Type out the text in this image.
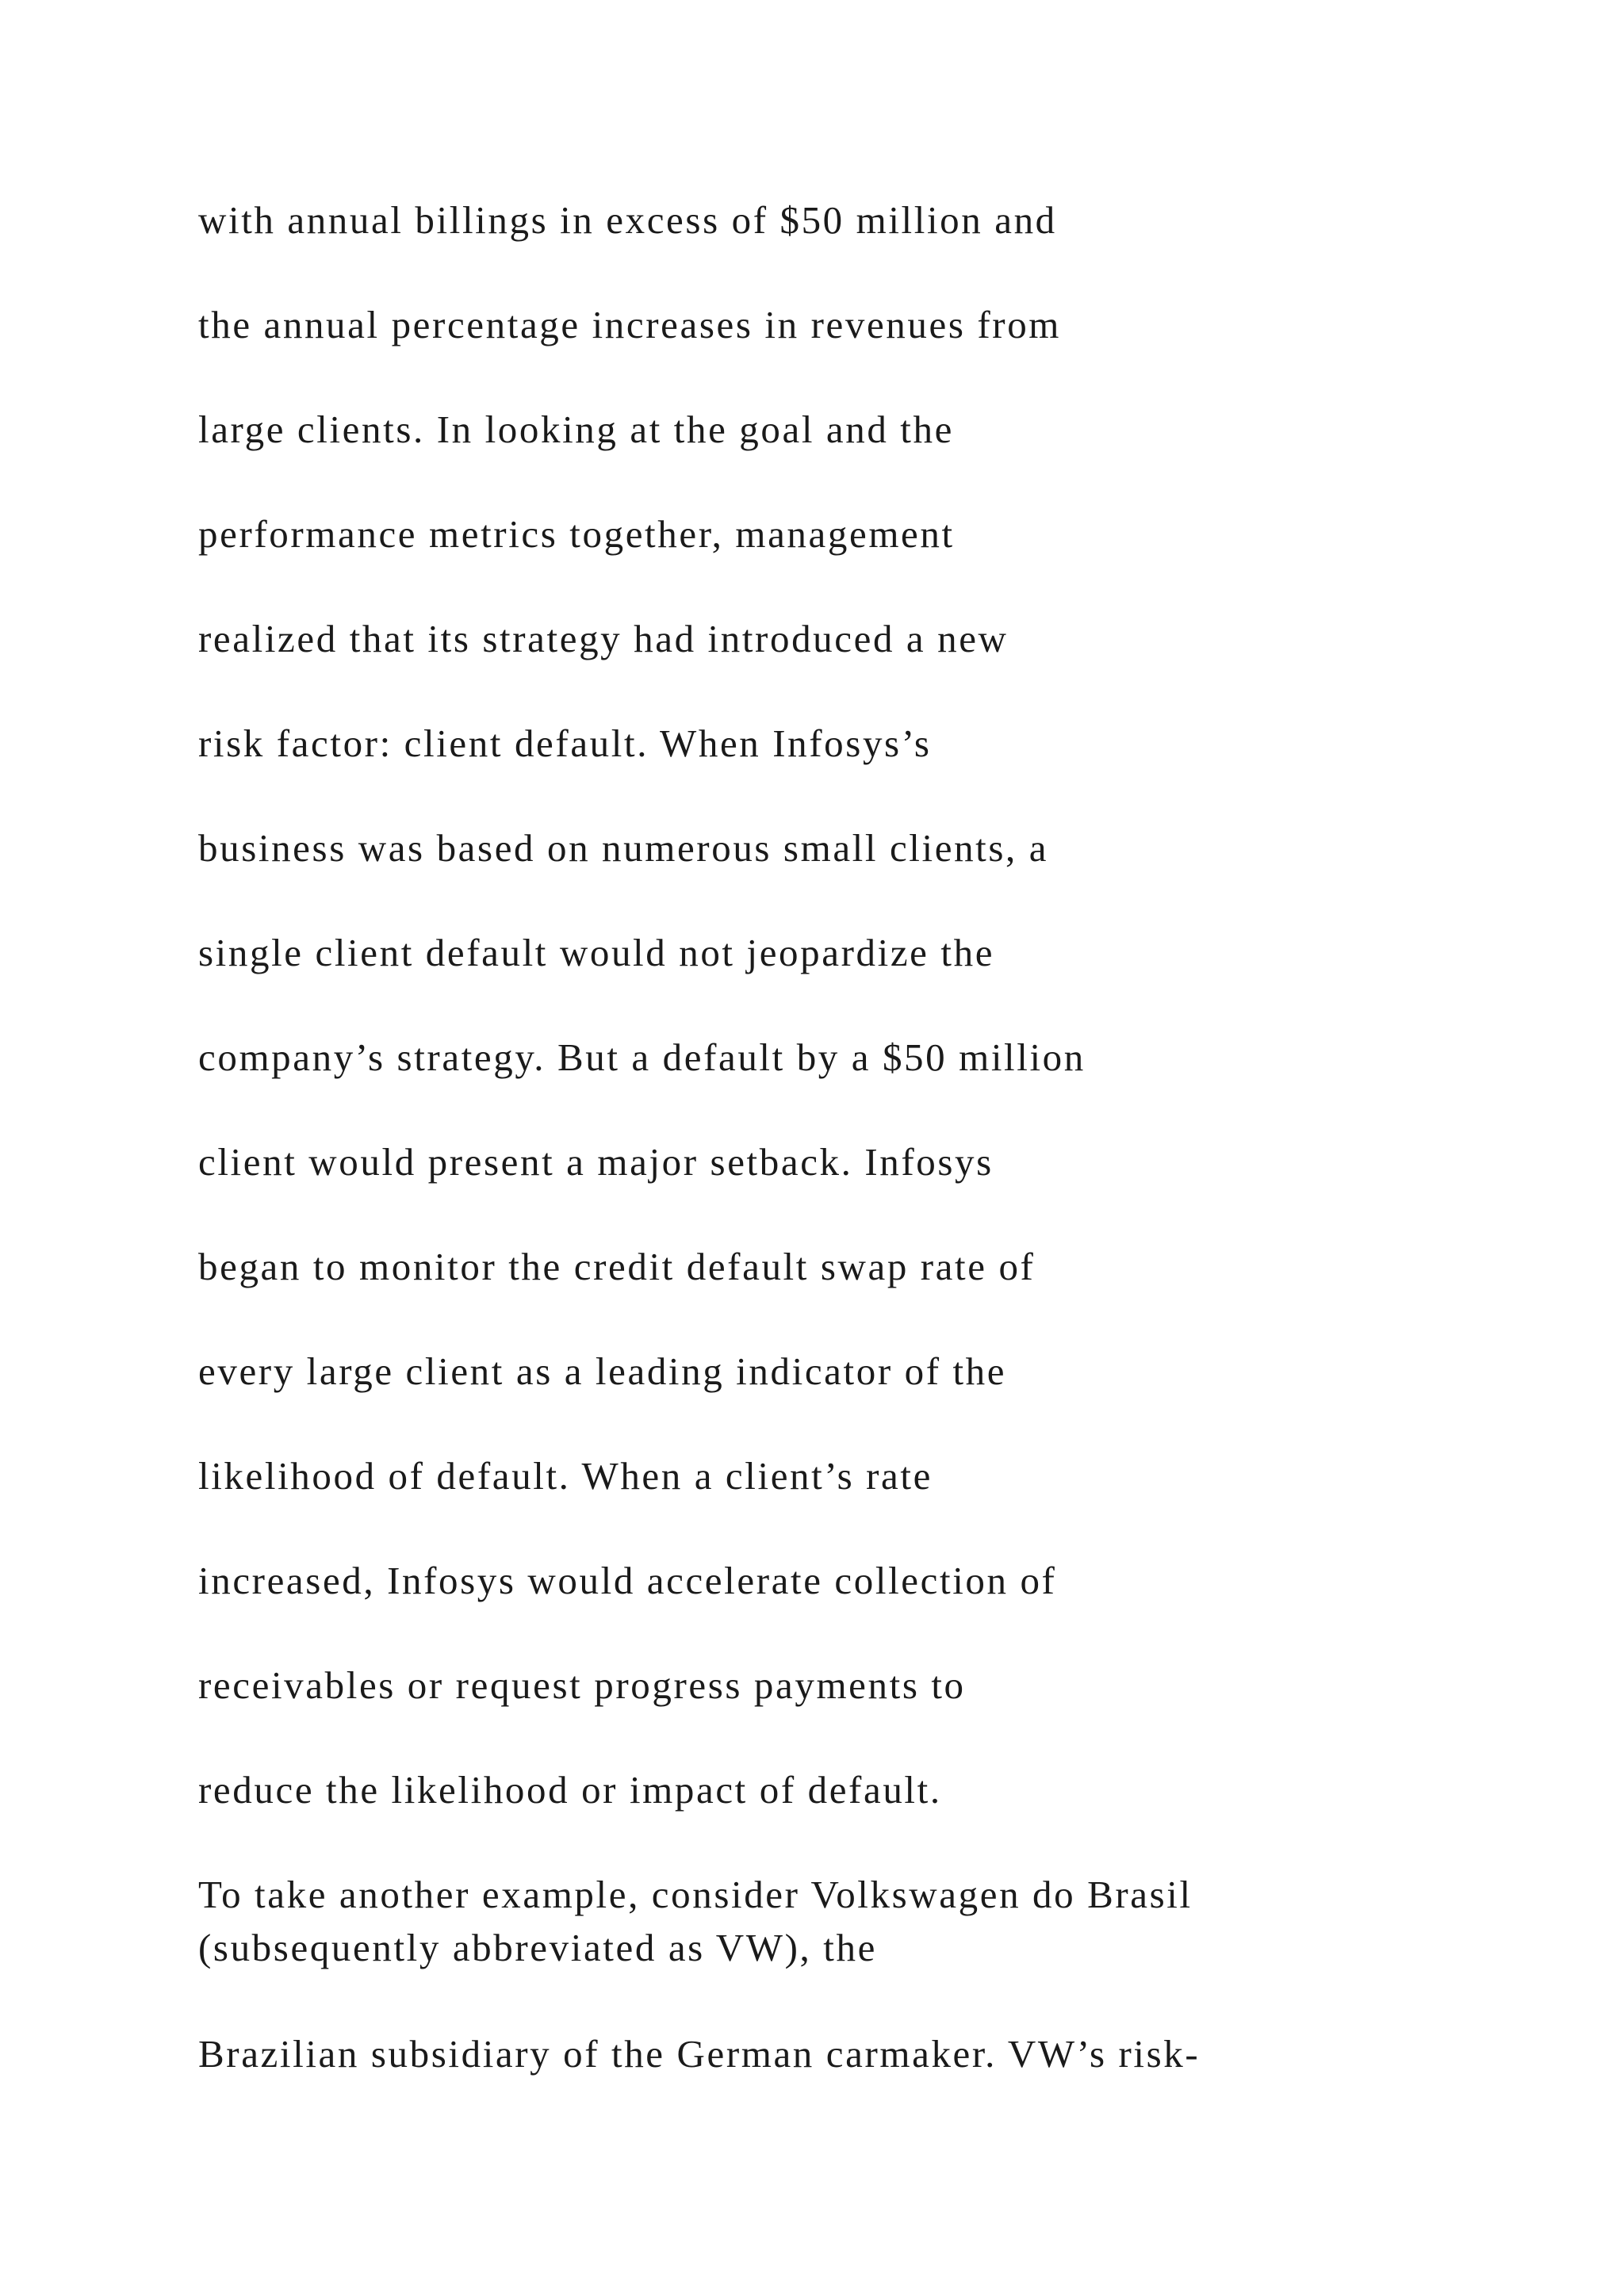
with annual billings in excess of $50 million and

the annual percentage increases in revenues from

large clients. In looking at the goal and the

performance metrics together, management

realized that its strategy had introduced a new

risk factor: client default. When Infosys’s

business was based on numerous small clients, a

single client default would not jeopardize the

company’s strategy. But a default by a $50 million

client would present a major setback. Infosys

began to monitor the credit default swap rate of

every large client as a leading indicator of the

likelihood of default. When a client’s rate

increased, Infosys would accelerate collection of

receivables or request progress payments to

reduce the likelihood or impact of default.

To take another example, consider Volkswagen do Brasil

(subsequently abbreviated as VW), the

Brazilian subsidiary of the German carmaker. VW’s risk-
